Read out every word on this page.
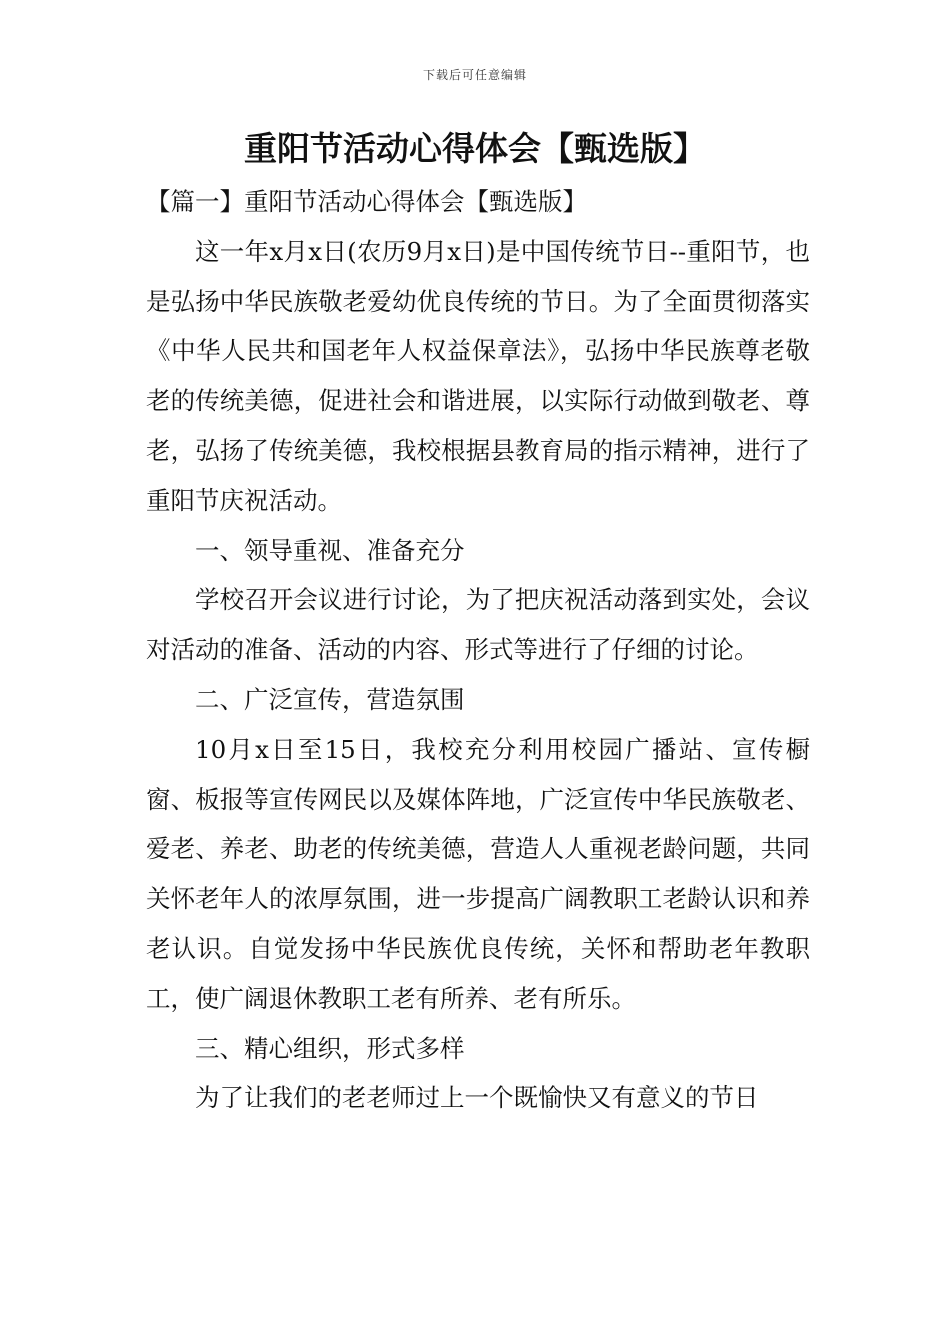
下载后可任意编辑
重阳节活动心得体会【甄选版】

【篇一】重阳节活动心得体会【甄选版】

这一年x月x日(农历9月x日)是中国传统节日--重阳节，也是弘扬中华民族敬老爱幼优良传统的节日。为了全面贯彻落实《中华人民共和国老年人权益保章法》，弘扬中华民族尊老敬老的传统美德，促进社会和谐进展，以实际行动做到敬老、尊老，弘扬了传统美德，我校根据县教育局的指示精神，进行了重阳节庆祝活动。

一、领导重视、准备充分

学校召开会议进行讨论，为了把庆祝活动落到实处，会议对活动的准备、活动的内容、形式等进行了仔细的讨论。

二、广泛宣传，营造氛围

10月x日至15日，我校充分利用校园广播站、宣传橱窗、板报等宣传网民以及媒体阵地，广泛宣传中华民族敬老、爱老、养老、助老的传统美德，营造人人重视老龄问题，共同关怀老年人的浓厚氛围，进一步提高广阔教职工老龄认识和养老认识。自觉发扬中华民族优良传统，关怀和帮助老年教职工，使广阔退休教职工老有所养、老有所乐。

三、精心组织，形式多样

为了让我们的老老师过上一个既愉快又有意义的节日
